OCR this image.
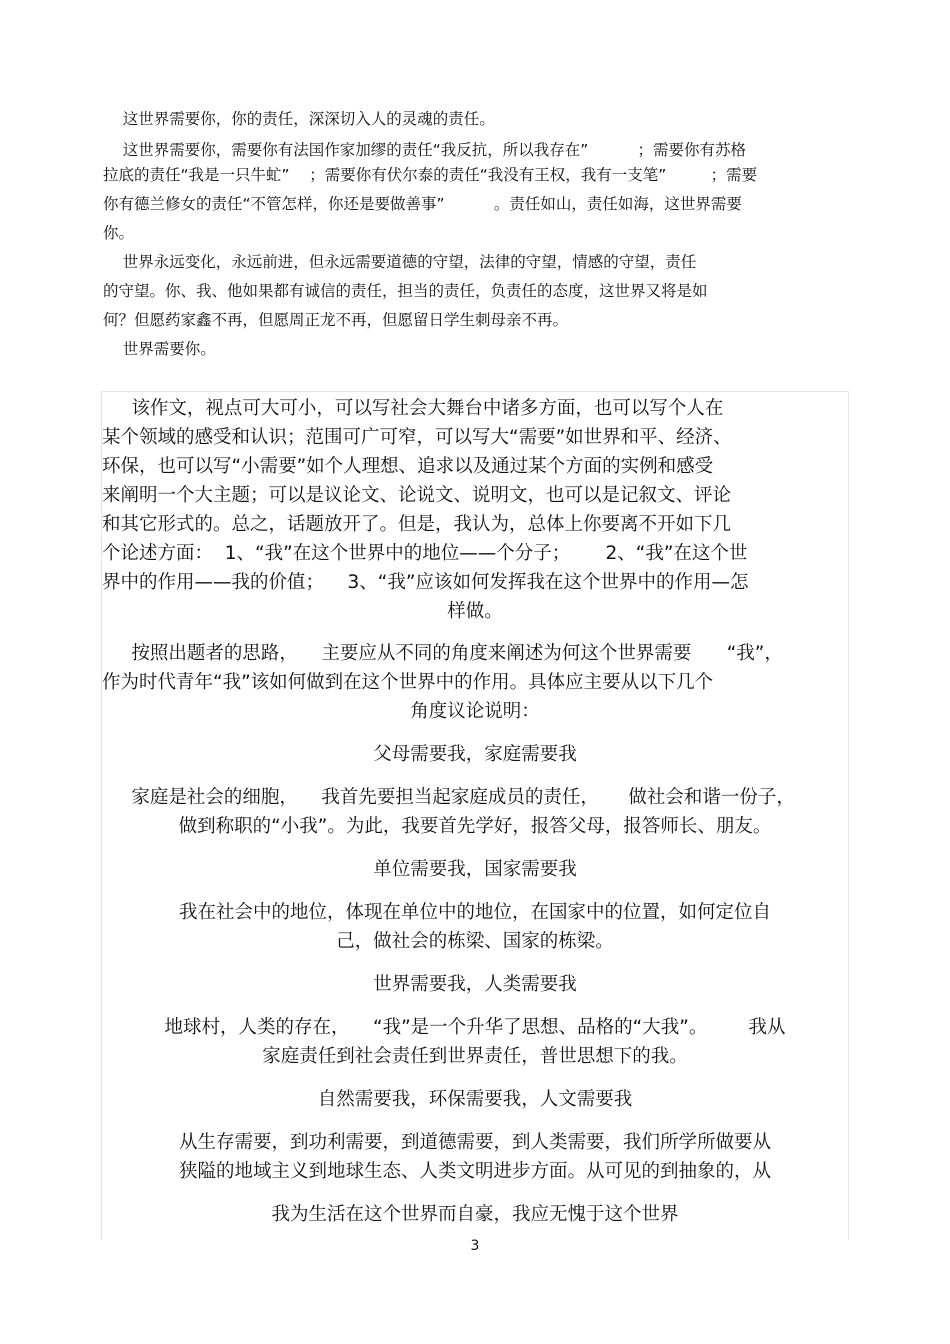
这世界需要你，你的责任，深深切入人的灵魂的责任。

这世界需要你，需要你有法国作家加缪的责任“我反抗，所以我存在”          ；需要你有苏格

拉底的责任“我是一只牛虻”    ；需要你有伏尔泰的责任“我没有王权，我有一支笔”         ；需要

你有德兰修女的责任“不管怎样，你还是要做善事”          。责任如山，责任如海，这世界需要

你。

世界永远变化，永远前进，但永远需要道德的守望，法律的守望，情感的守望，责任

的守望。你、我、他如果都有诚信的责任，担当的责任，负责任的态度，这世界又将是如

何？但愿药家鑫不再，但愿周正龙不再，但愿留日学生刺母亲不再。

世界需要你。

该作文，视点可大可小，可以写社会大舞台中诸多方面，也可以写个人在

某个领域的感受和认识；范围可广可窄，可以写大“需要”如世界和平、经济、

环保，也可以写“小需要”如个人理想、追求以及通过某个方面的实例和感受

来阐明一个大主题；可以是议论文、论说文、说明文，也可以是记叙文、评论

和其它形式的。总之，话题放开了。但是，我认为，总体上你要离不开如下几

个论述方面：  1、“我”在这个世界中的地位——个分子；      2、“我”在这个世

界中的作用——我的价值；    3、“我”应该如何发挥我在这个世界中的作用—怎

样做。

按照出题者的思路，    主要应从不同的角度来阐述为何这个世界需要      “我”，

作为时代青年“我”该如何做到在这个世界中的作用。具体应主要从以下几个

角度议论说明：

父母需要我，家庭需要我

家庭是社会的细胞，    我首先要担当起家庭成员的责任，     做社会和谐一份子，

做到称职的“小我”。为此，我要首先学好，报答父母，报答师长、朋友。

单位需要我，国家需要我

我在社会中的地位，体现在单位中的地位，在国家中的位置，如何定位自

己，做社会的栋梁、国家的栋梁。

世界需要我，人类需要我

地球村，人类的存在，    “我”是一个升华了思想、品格的“大我”。       我从

家庭责任到社会责任到世界责任，普世思想下的我。

自然需要我，环保需要我，人文需要我

从生存需要，到功利需要，到道德需要，到人类需要，我们所学所做要从

狭隘的地域主义到地球生态、人类文明进步方面。从可见的到抽象的，从

我为生活在这个世界而自豪，我应无愧于这个世界

3
